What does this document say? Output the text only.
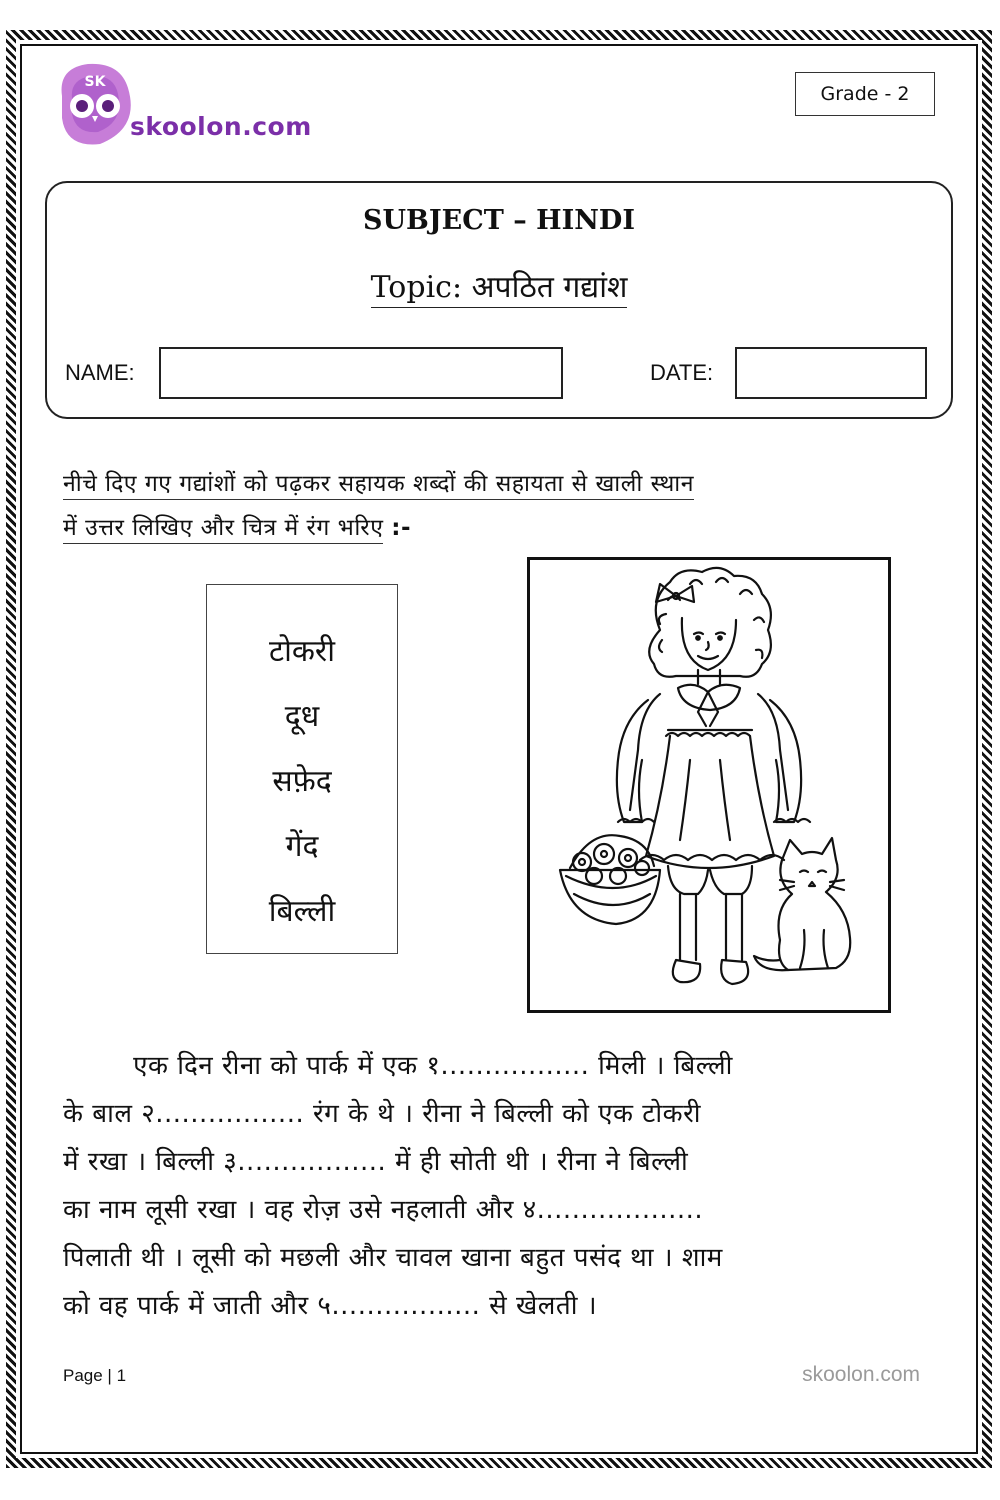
SK
skoolon.com
Grade - 2
SUBJECT – HINDI
Topic: अपठित गद्यांश
NAME:	DATE:
नीचे दिए गए गद्यांशों को पढ़कर सहायक शब्दों की सहायता से खाली स्थान
में उत्तर लिखिए और चित्र में रंग भरिए :-
टोकरी
दूध
सफ़ेद
गेंद
बिल्ली
एक दिन रीना को पार्क में एक १................. मिली । बिल्ली
के बाल २................. रंग के थे । रीना ने बिल्ली को एक टोकरी
में रखा । बिल्ली ३................. में ही सोती थी । रीना ने बिल्ली
का नाम लूसी रखा । वह रोज़ उसे नहलाती और ४...................
पिलाती थी । लूसी को मछली और चावल खाना बहुत पसंद था । शाम
को वह पार्क में जाती और ५................. से खेलती ।
Page | 1	skoolon.com
